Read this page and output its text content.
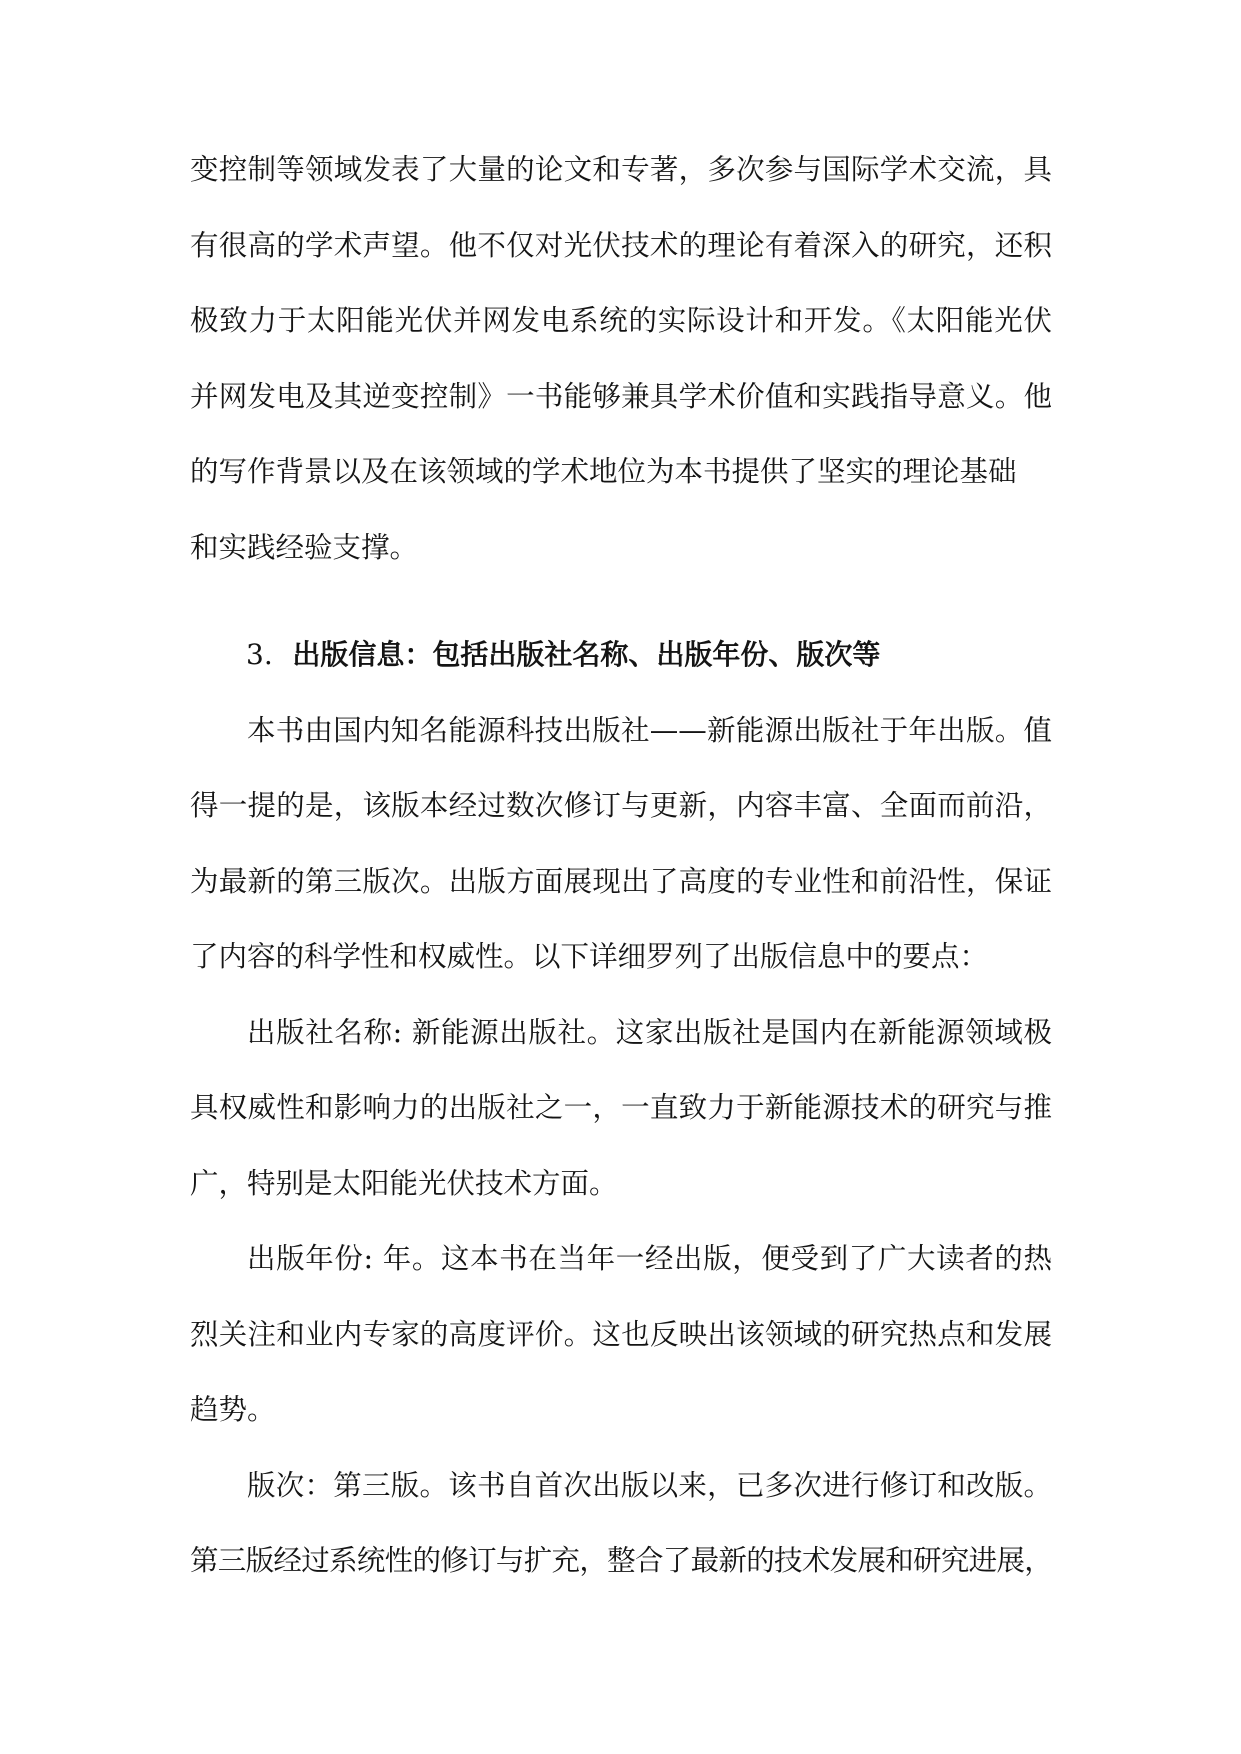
变控制等领域发表了大量的论文和专著，多次参与国际学术交流，具
有很高的学术声望。他不仅对光伏技术的理论有着深入的研究，还积
极致力于太阳能光伏并网发电系统的实际设计和开发。《太阳能光伏
并网发电及其逆变控制》一书能够兼具学术价值和实践指导意义。他
的写作背景以及在该领域的学术地位为本书提供了坚实的理论基础
和实践经验支撑。
3. 出版信息：包括出版社名称、出版年份、版次等
本书由国内知名能源科技出版社——新能源出版社于年出版。值
得一提的是，该版本经过数次修订与更新，内容丰富、全面而前沿，
为最新的第三版次。出版方面展现出了高度的专业性和前沿性，保证
了内容的科学性和权威性。以下详细罗列了出版信息中的要点：
出版社名称: 新能源出版社。这家出版社是国内在新能源领域极
具权威性和影响力的出版社之一，一直致力于新能源技术的研究与推
广，特别是太阳能光伏技术方面。
出版年份: 年。这本书在当年一经出版，便受到了广大读者的热
烈关注和业内专家的高度评价。这也反映出该领域的研究热点和发展
趋势。
版次：第三版。该书自首次出版以来，已多次进行修订和改版。
第三版经过系统性的修订与扩充，整合了最新的技术发展和研究进展，
